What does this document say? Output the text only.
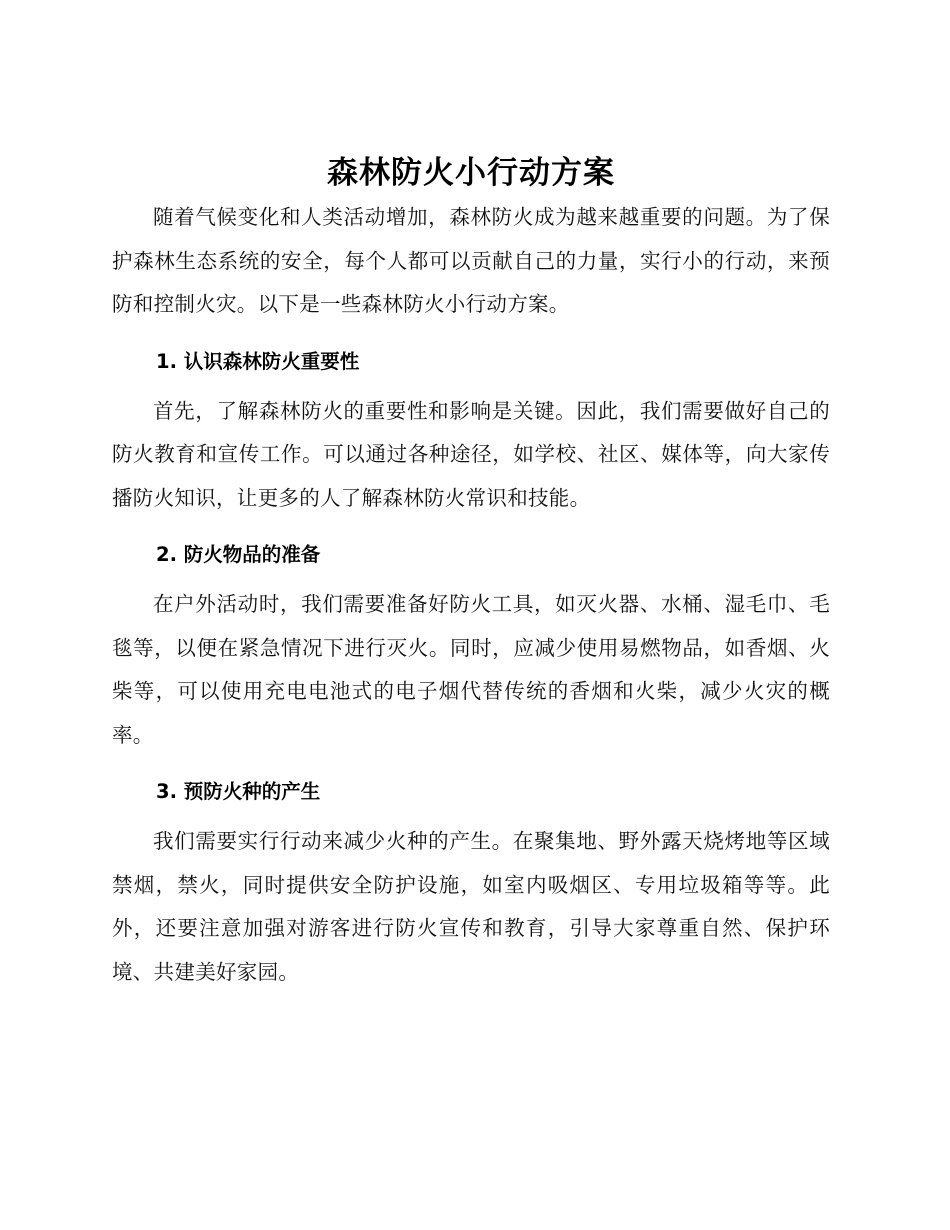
森林防火小行动方案

随着气候变化和人类活动增加，森林防火成为越来越重要的问题。为了保护森林生态系统的安全，每个人都可以贡献自己的力量，实行小的行动，来预防和控制火灾。以下是一些森林防火小行动方案。

1. 认识森林防火重要性

首先，了解森林防火的重要性和影响是关键。因此，我们需要做好自己的防火教育和宣传工作。可以通过各种途径，如学校、社区、媒体等，向大家传播防火知识，让更多的人了解森林防火常识和技能。

2. 防火物品的准备

在户外活动时，我们需要准备好防火工具，如灭火器、水桶、湿毛巾、毛毯等，以便在紧急情况下进行灭火。同时，应减少使用易燃物品，如香烟、火柴等，可以使用充电电池式的电子烟代替传统的香烟和火柴，减少火灾的概率。

3. 预防火种的产生

我们需要实行行动来减少火种的产生。在聚集地、野外露天烧烤地等区域禁烟，禁火，同时提供安全防护设施，如室内吸烟区、专用垃圾箱等等。此外，还要注意加强对游客进行防火宣传和教育，引导大家尊重自然、保护环境、共建美好家园。
